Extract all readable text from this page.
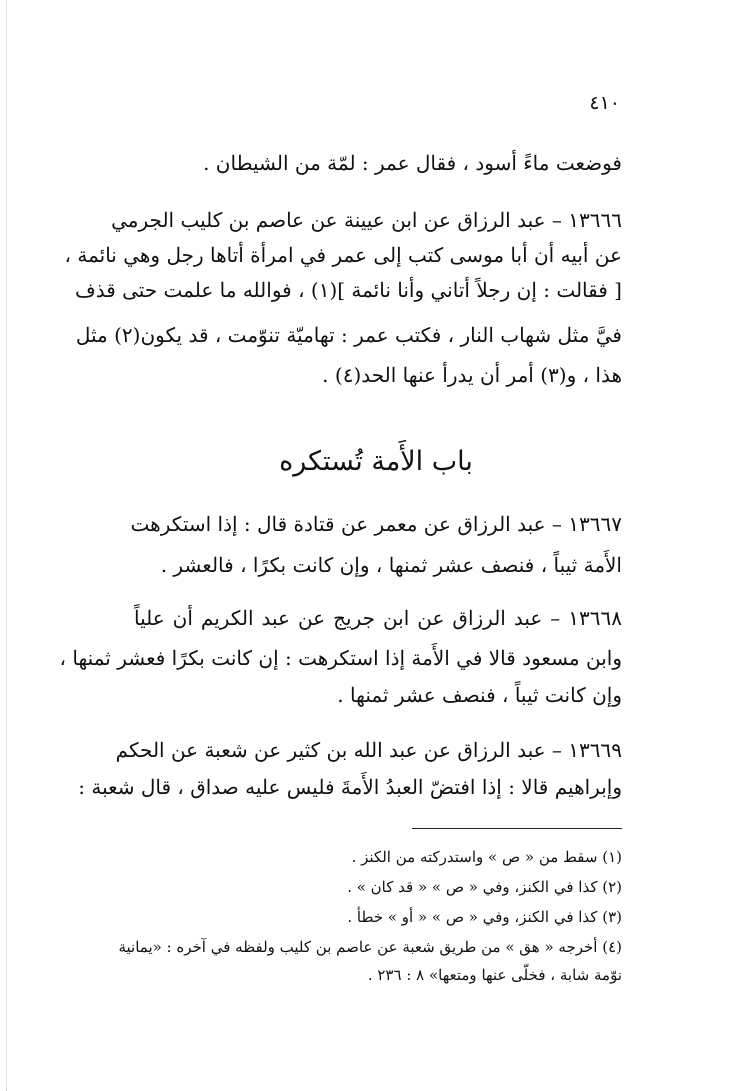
٤١٠
فوضعت ماءً أسود ، فقال عمر : لمّة من الشيطان .
١٣٦٦٦ – عبد الرزاق عن ابن عيينة عن عاصم بن كليب الجرمي
عن أبيه أن أبا موسى كتب إلى عمر في امرأة أتاها رجل وهي نائمة ،
[ فقالت : إن رجلاً أتاني وأنا نائمة ](١) ، فوالله ما علمت حتى قذف
فيَّ مثل شهاب النار ، فكتب عمر : تهاميّة تنوّمت ، قد يكون(٢) مثل
هذا ، و(٣) أمر أن يدرأ عنها الحد(٤) .
باب الأَمة تُستكره
١٣٦٦٧ – عبد الرزاق عن معمر عن قتادة قال : إذا استكرهت
الأَمة ثيباً ، فنصف عشر ثمنها ، وإن كانت بكرًا ، فالعشر .
١٣٦٦٨ – عبد الرزاق عن ابن جريج عن عبد الكريم أن علياً
وابن مسعود قالا في الأَمة إذا استكرهت : إن كانت بكرًا فعشر ثمنها ،
وإن كانت ثيباً ، فنصف عشر ثمنها .
١٣٦٦٩ – عبد الرزاق عن عبد الله بن كثير عن شعبة عن الحكم
وإبراهيم قالا : إذا افتضّ العبدُ الأَمةَ فليس عليه صداق ، قال شعبة :
(١) سقط من « ص » واستدركته من الكنز .
(٢) كذا في الكنز، وفي « ص » « قد كان » .
(٣) كذا في الكنز، وفي « ص » « أو » خطأ .
(٤) أخرجه « هق » من طريق شعبة عن عاصم بن كليب ولفظه في آخره : «يمانية
نوّمة شابة ، فخلّى عنها ومتعها» ٨ : ٢٣٦ .
